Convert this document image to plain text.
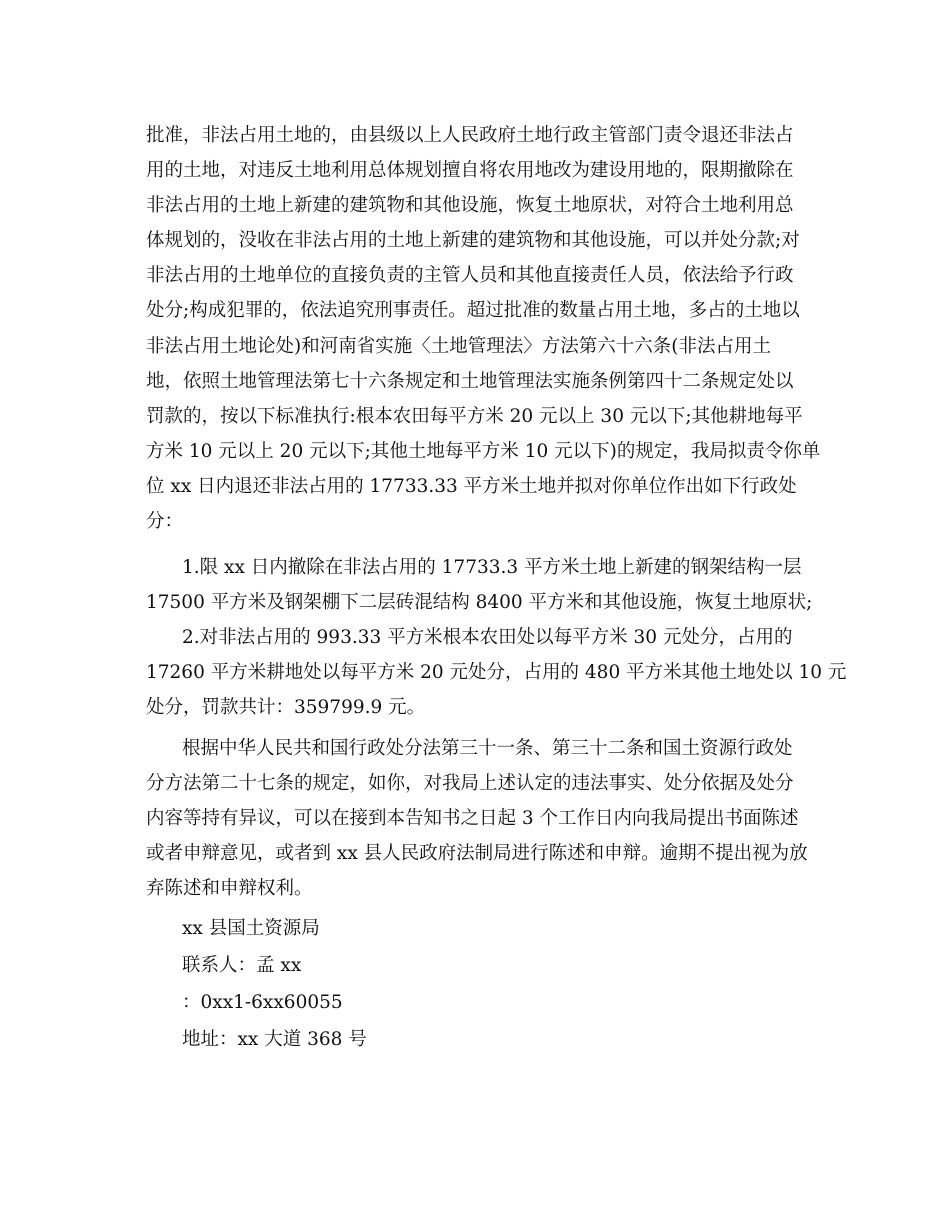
批准，非法占用土地的，由县级以上人民政府土地行政主管部门责令退还非法占
用的土地，对违反土地利用总体规划擅自将农用地改为建设用地的，限期撤除在
非法占用的土地上新建的建筑物和其他设施，恢复土地原状，对符合土地利用总
体规划的，没收在非法占用的土地上新建的建筑物和其他设施，可以并处分款;对
非法占用的土地单位的直接负责的主管人员和其他直接责任人员，依法给予行政
处分;构成犯罪的，依法追究刑事责任。超过批准的数量占用土地，多占的土地以
非法占用土地论处)和河南省实施〈土地管理法〉方法第六十六条(非法占用土
地，依照土地管理法第七十六条规定和土地管理法实施条例第四十二条规定处以
罚款的，按以下标准执行:根本农田每平方米 20 元以上 30 元以下;其他耕地每平
方米 10 元以上 20 元以下;其他土地每平方米 10 元以下)的规定，我局拟责令你单
位 xx 日内退还非法占用的 17733.33 平方米土地并拟对你单位作出如下行政处
分：
1.限 xx 日内撤除在非法占用的 17733.3 平方米土地上新建的钢架结构一层
17500 平方米及钢架棚下二层砖混结构 8400 平方米和其他设施，恢复土地原状;
2.对非法占用的 993.33 平方米根本农田处以每平方米 30 元处分，占用的
17260 平方米耕地处以每平方米 20 元处分，占用的 480 平方米其他土地处以 10 元
处分，罚款共计：359799.9 元。
根据中华人民共和国行政处分法第三十一条、第三十二条和国土资源行政处
分方法第二十七条的规定，如你，对我局上述认定的违法事实、处分依据及处分
内容等持有异议，可以在接到本告知书之日起 3 个工作日内向我局提出书面陈述
或者申辩意见，或者到 xx 县人民政府法制局进行陈述和申辩。逾期不提出视为放
弃陈述和申辩权利。
xx 县国土资源局
联系人：孟 xx
：0xx1-6xx60055
地址：xx 大道 368 号
